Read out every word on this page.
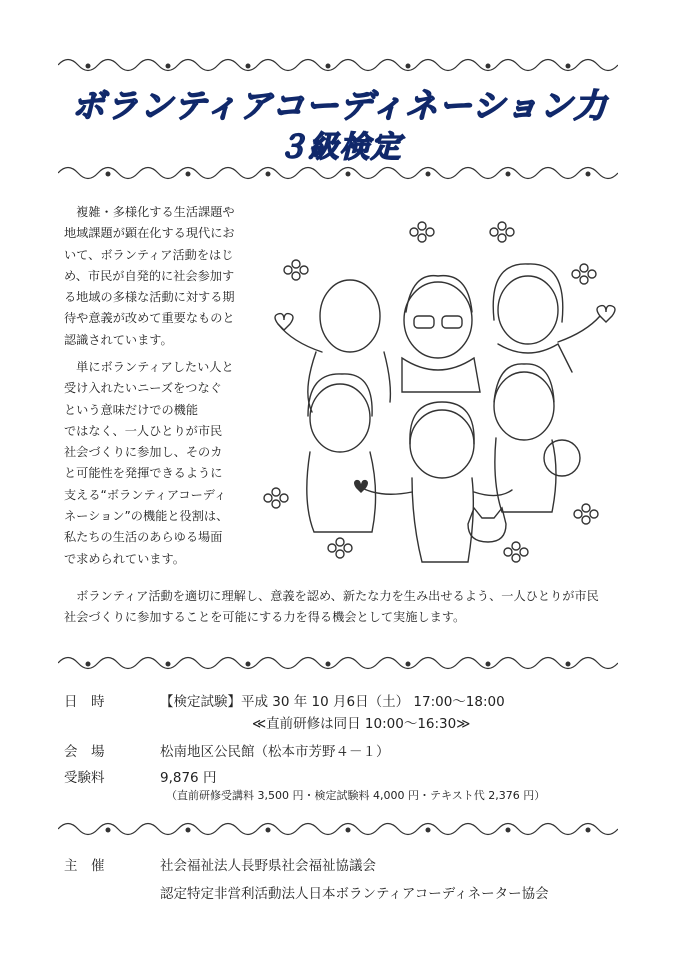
ボランティアコーディネーション力
３級検定
　複雑・多様化する生活課題や
地域課題が顕在化する現代にお
いて、ボランティア活動をはじ
め、市民が自発的に社会参加す
る地域の多様な活動に対する期
待や意義が改めて重要なものと
認識されています。
　単にボランティアしたい人と
受け入れたいニーズをつなぐ
という意味だけでの機能
ではなく、一人ひとりが市民
社会づくりに参加し、そのカ
と可能性を発揮できるように
支える“ボランティアコーディ
ネーション”の機能と役割は、
私たちの生活のあらゆる場面
で求められています。
　ボランティア活動を適切に理解し、意義を認め、新たな力を生み出せるよう、一人ひとりが市民
社会づくりに参加することを可能にする力を得る機会として実施します。
日　時	【検定試験】平成 30 年 10 月6日（土） 17:00〜18:00
≪直前研修は同日 10:00〜16:30≫
会　場	松南地区公民館（松本市芳野４－１）
受験料	9,876 円
（直前研修受講料 3,500 円・検定試験料 4,000 円・テキスト代 2,376 円）
主　催	社会福祉法人長野県社会福祉協議会
認定特定非営利活動法人日本ボランティアコーディネーター協会
